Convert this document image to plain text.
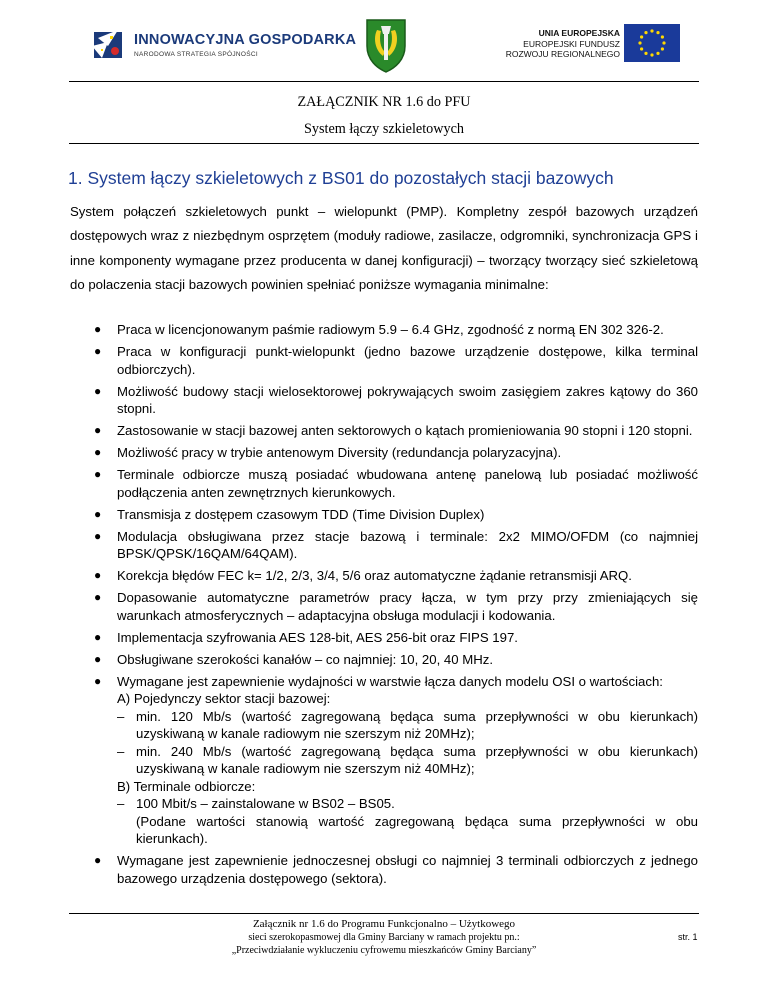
INNOWACYJNA GOSPODARKA
NARODOWA STRATEGIA SPÓJNOŚCI
UNIA EUROPEJSKA
EUROPEJSKI FUNDUSZ
ROZWOJU REGIONALNEGO
ZAŁĄCZNIK NR 1.6 do PFU
System łączy szkieletowych
1. System łączy szkieletowych z BS01 do pozostałych stacji bazowych
System połączeń szkieletowych punkt – wielopunkt (PMP). Kompletny zespół bazowych urządzeń dostępowych wraz z niezbędnym osprzętem (moduły radiowe, zasilacze, odgromniki, synchronizacja GPS i inne komponenty wymagane przez producenta w danej konfiguracji) – tworzący tworzący sieć szkieletową do polaczenia stacji bazowych powinien spełniać poniższe wymagania minimalne:
● Praca w licencjonowanym paśmie radiowym 5.9 – 6.4 GHz, zgodność z normą EN 302 326-2.
● Praca w konfiguracji punkt-wielopunkt (jedno bazowe urządzenie dostępowe, kilka terminal odbiorczych).
● Możliwość budowy stacji wielosektorowej pokrywających swoim zasięgiem zakres kątowy do 360 stopni.
● Zastosowanie w stacji bazowej anten sektorowych o kątach promieniowania 90 stopni i 120 stopni.
● Możliwość pracy w trybie antenowym Diversity (redundancja polaryzacyjna).
● Terminale odbiorcze muszą posiadać wbudowana antenę panelową lub posiadać możliwość podłączenia anten zewnętrznych kierunkowych.
● Transmisja z dostępem czasowym TDD (Time Division Duplex)
● Modulacja obsługiwana przez stacje bazową i terminale: 2x2 MIMO/OFDM (co najmniej BPSK/QPSK/16QAM/64QAM).
● Korekcja błędów FEC k= 1/2, 2/3, 3/4, 5/6 oraz automatyczne żądanie retransmisji ARQ.
● Dopasowanie automatyczne parametrów pracy łącza, w tym przy przy zmieniających się warunkach atmosferycznych – adaptacyjna obsługa modulacji i kodowania.
● Implementacja szyfrowania AES 128-bit, AES 256-bit oraz FIPS 197.
● Obsługiwane szerokości kanałów – co najmniej: 10, 20, 40 MHz.
● Wymagane jest zapewnienie wydajności w warstwie łącza danych modelu OSI o wartościach:
A) Pojedynczy sektor stacji bazowej:
– min. 120 Mb/s (wartość zagregowaną będąca suma przepływności w obu kierunkach) uzyskiwaną w kanale radiowym nie szerszym niż 20MHz);
– min. 240 Mb/s (wartość zagregowaną będąca suma przepływności w obu kierunkach) uzyskiwaną w kanale radiowym nie szerszym niż 40MHz);
B) Terminale odbiorcze:
– 100 Mbit/s – zainstalowane w BS02 – BS05.
(Podane wartości stanowią wartość zagregowaną będąca suma przepływności w obu kierunkach).
● Wymagane jest zapewnienie jednoczesnej obsługi co najmniej 3 terminali odbiorczych z jednego bazowego urządzenia dostępowego (sektora).
Załącznik nr 1.6 do Programu Funkcjonalno – Użytkowego
sieci szerokopasmowej dla Gminy Barciany w ramach projektu pn.:
„Przeciwdziałanie wykluczeniu cyfrowemu mieszkańców Gminy Barciany”
str. 1
